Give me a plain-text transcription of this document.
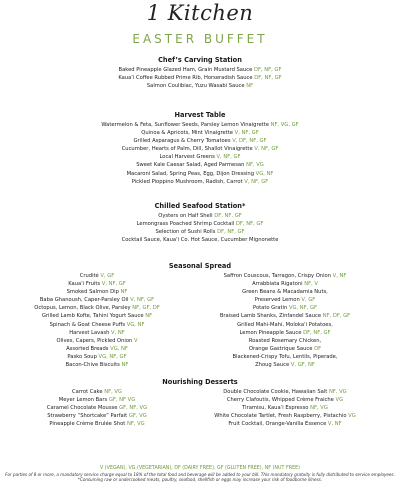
1 Kitchen
EASTER BUFFET
Chef’s Carving Station
Baked Pineapple Glazed Ham, Grain Mustard Sauce DF, NF, GF
Kaua‘i Coffee Rubbed Prime Rib, Horseradish Sauce DF, NF, GF
Salmon Coulibiac, Yuzu Wasabi Sauce NF
Harvest Table
Watermelon & Feta, Sunflower Seeds, Parsley Lemon Vinaigrette NF, VG, GF
Quinoa & Apricots, Mint Vinaigrette V, NF, GF
Grilled Asparagus & Cherry Tomatoes V, DF, NF, GF
Cucumber, Hearts of Palm, Dill, Shallot Vinaigrette V, NF, GF
Local Harvest Greens V, NF, GF
Sweet Kale Caesar Salad, Aged Parmesan NF, VG
Macaroni Salad, Spring Peas, Egg, Dijon Dressing VG, NF
Pickled Pioppino Mushroom, Radish, Carrot V, NF, GF
Chilled Seafood Station*
Oysters on Half Shell DF, NF, GF
Lemongrass Poached Shrimp Cocktail DF, NF, GF
Selection of Sushi Rolls DF, NF, GF
Cocktail Sauce, Kaua‘i Co. Hot Sauce, Cucumber Mignonette
Seasonal Spread
Crudité V, GF
Kaua‘i Fruits V, NF, GF
Smoked Salmon Dip NF
Baba Ghanoush, Caper-Parsley Oil V, NF, GF
Octopus, Lemon, Black Olive, Parsley NF, GF, DF
Grilled Lamb Kofte, Tahini Yogurt Sauce NF
Spinach & Goat Cheese Puffs VG, NF
Harvest Lavash V, NF
Olives, Capers, Pickled Onion V
Assorted Breads VG, NF
Pasko Soup VG, NF, GF
Bacon-Chive Biscuits NF
Saffron Couscous, Tarragon, Crispy Onion V, NF
Arrabbiata Rigatoni NF, V
Green Beans & Macadamia Nuts,
Preserved Lemon V, GF
Potato Gratin VG, NF, GF
Braised Lamb Shanks, Zinfandel Sauce NF, DF, GF
Grilled Mahi-Mahi, Moloka‘i Potatoes,
Lemon Pineapple Sauce DF, NF, GF
Roasted Rosemary Chicken,
Orange Gastrique Sauce DF
Blackened-Crispy Tofu, Lentils, Piperade,
Zhoug Sauce V, GF, NF
Nourishing Desserts
Carrot Cake NF, VG
Meyer Lemon Bars GF, NF VG
Caramel Chocolate Mousse GF, NF, VG
Strawberry “Shortcake” Parfait GF, VG
Pineapple Crème Brulée Shot NF, VG
Double Chocolate Cookie, Hawaiian Salt NF, VG
Cherry Clafoutis, Whipped Crème Fraiche VG
Tiramisu, Kaua‘i Espresso NF, VG
White Chocolate Tartlet, Fresh Raspberry, Pistachio VG
Fruit Cocktail, Orange-Vanilla Essence V, NF
V (VEGAN), VG (VEGETARIAN), DF (DAIRY FREE), GF (GLUTEN FREE), NF (NUT FREE)
For parties of 8 or more, a mandatory service charge equal to 18% of the total food and beverage will be added to your bill. This mandatory gratuity is fully distributed to service employees.
*Consuming raw or undercooked meats, poultry, seafood, shellfish or eggs may increase your risk of foodborne illness.
